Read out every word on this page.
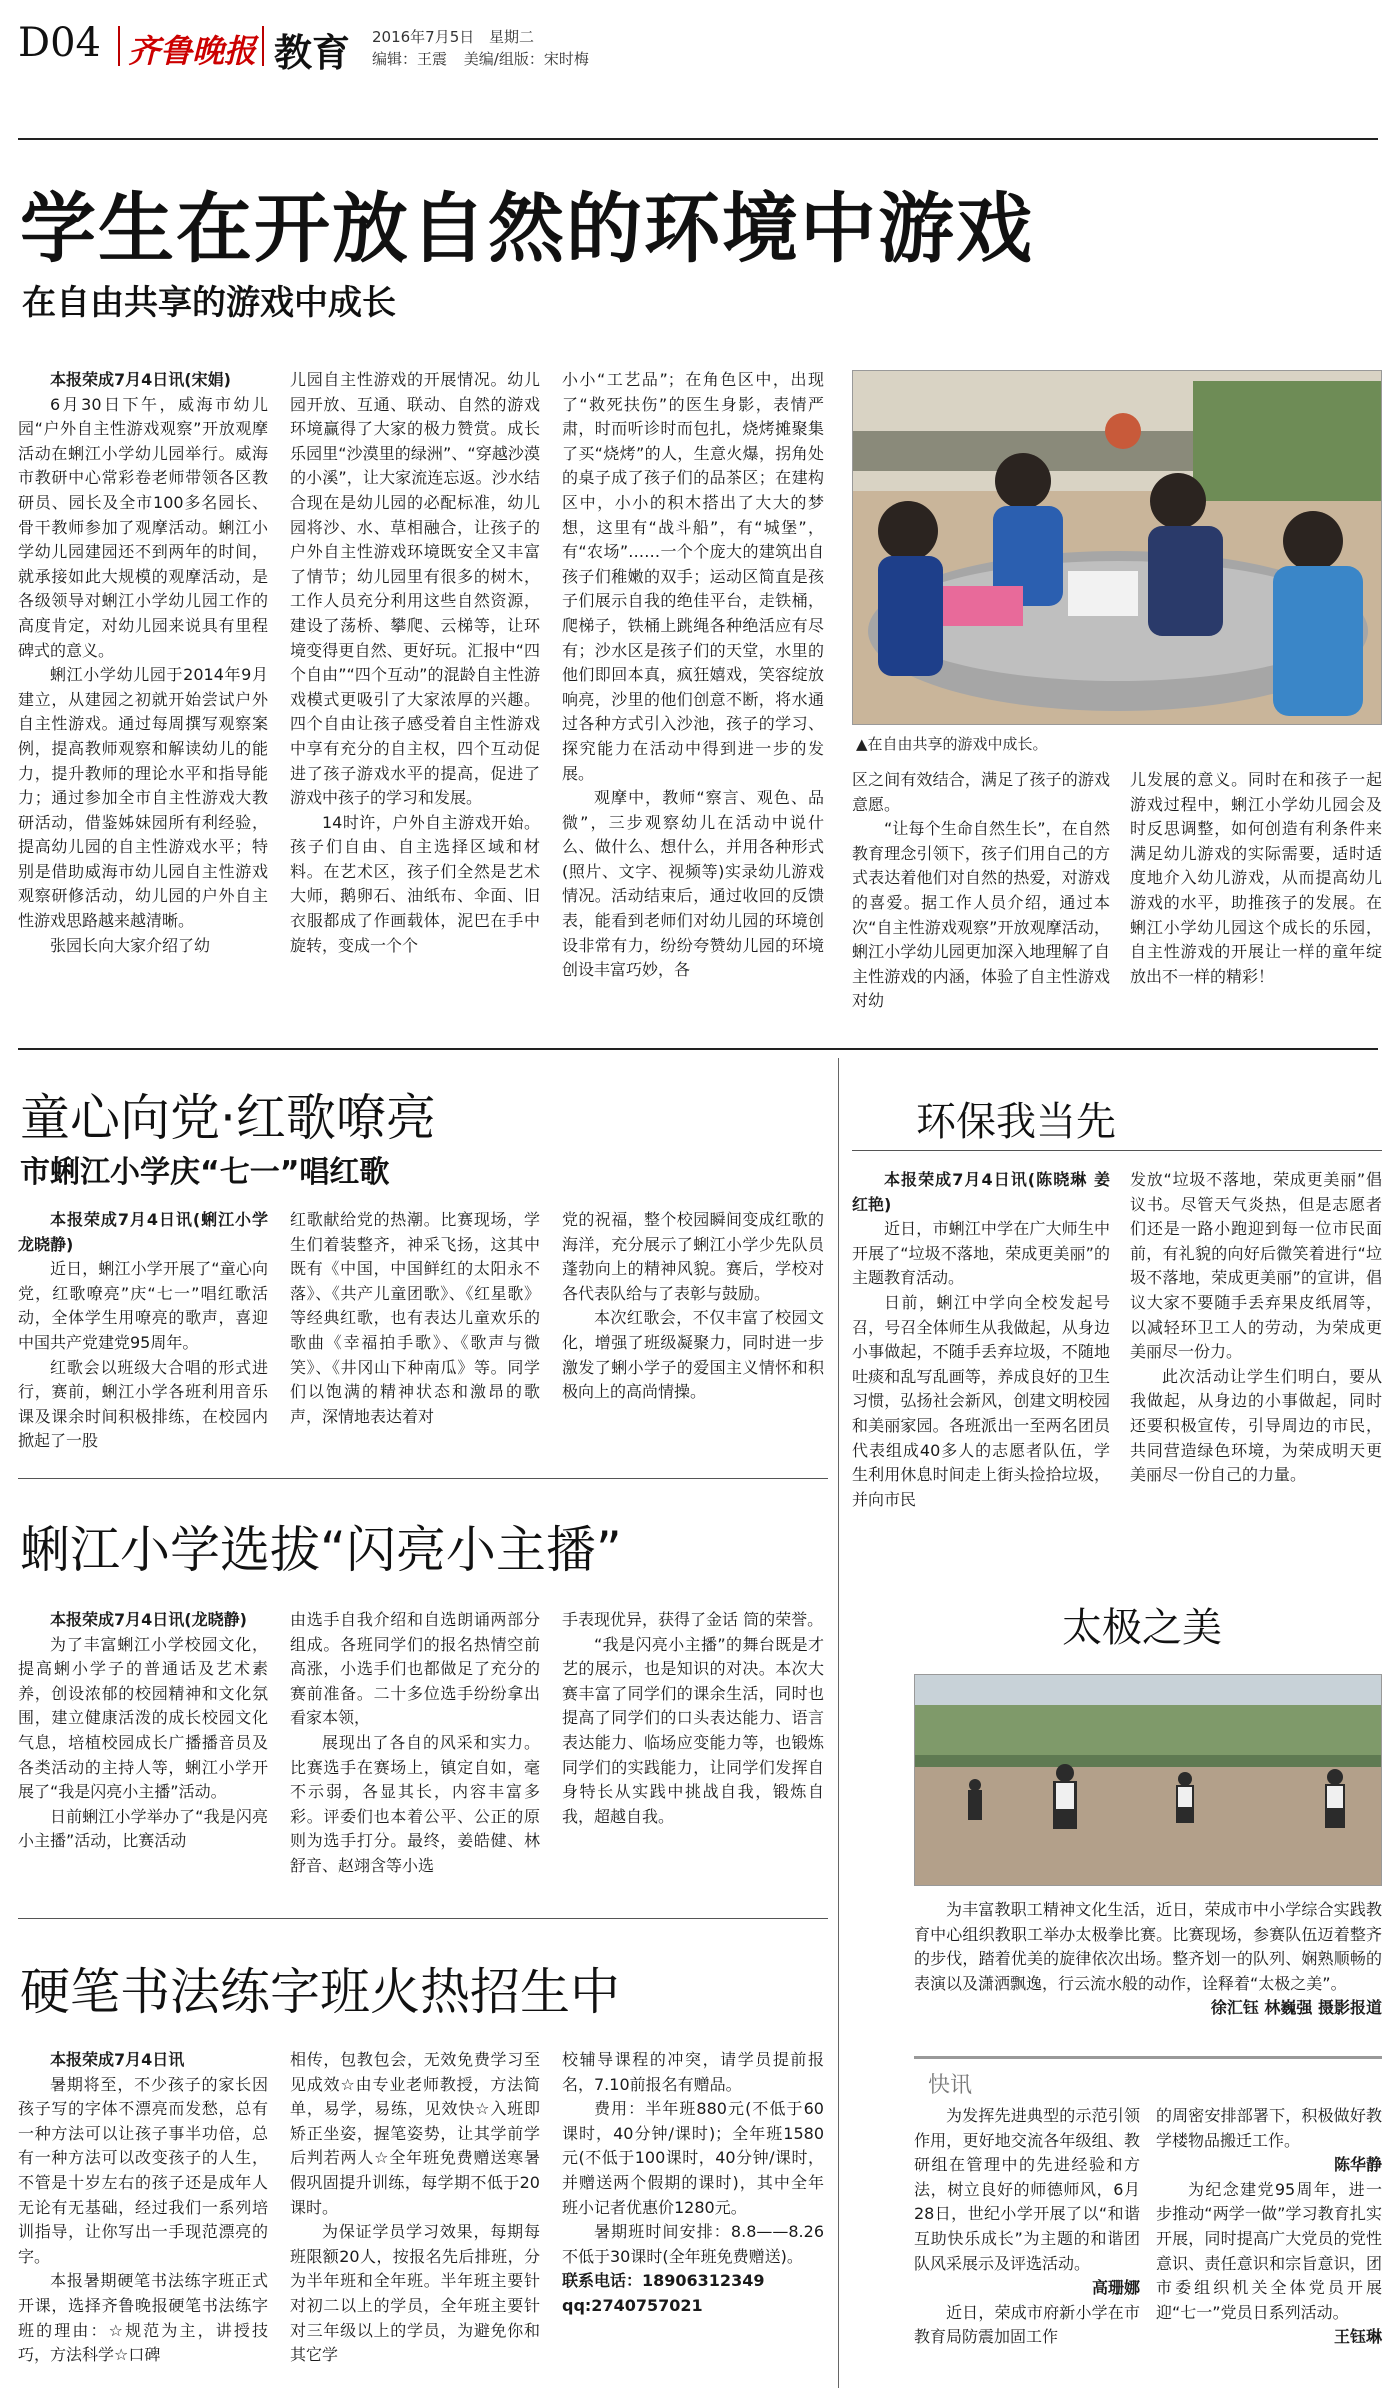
D04 齐鲁晚报 教育 2016年7月5日 星期二
编辑：王震 美编/组版：宋时梅
学生在开放自然的环境中游戏
在自由共享的游戏中成长

本报荣成7月4日讯(宋娟)

6月30日下午，威海市幼儿园“户外自主性游戏观察”开放观摩活动在蜊江小学幼儿园举行。威海市教研中心常彩卷老师带领各区教研员、园长及全市100多名园长、骨干教师参加了观摩活动。蜊江小学幼儿园建园还不到两年的时间，就承接如此大规模的观摩活动，是各级领导对蜊江小学幼儿园工作的高度肯定，对幼儿园来说具有里程碑式的意义。

蜊江小学幼儿园于2014年9月建立，从建园之初就开始尝试户外自主性游戏。通过每周撰写观察案例，提高教师观察和解读幼儿的能力，提升教师的理论水平和指导能力；通过参加全市自主性游戏大教研活动，借鉴姊妹园所有利经验，提高幼儿园的自主性游戏水平；特别是借助威海市幼儿园自主性游戏观察研修活动，幼儿园的户外自主性游戏思路越来越清晰。

张园长向大家介绍了幼

儿园自主性游戏的开展情况。幼儿园开放、互通、联动、自然的游戏环境赢得了大家的极力赞赏。成长乐园里“沙漠里的绿洲”、“穿越沙漠的小溪”，让大家流连忘返。沙水结合现在是幼儿园的必配标准，幼儿园将沙、水、草相融合，让孩子的户外自主性游戏环境既安全又丰富了情节；幼儿园里有很多的树木，工作人员充分利用这些自然资源，建设了荡桥、攀爬、云梯等，让环境变得更自然、更好玩。汇报中“四个自由”“四个互动”的混龄自主性游戏模式更吸引了大家浓厚的兴趣。四个自由让孩子感受着自主性游戏中享有充分的自主权，四个互动促进了孩子游戏水平的提高，促进了游戏中孩子的学习和发展。

14时许，户外自主游戏开始。孩子们自由、自主选择区域和材料。在艺术区，孩子们全然是艺术大师，鹅卵石、油纸布、伞面、旧衣服都成了作画载体，泥巴在手中旋转，变成一个个

小小“工艺品”；在角色区中，出现了“救死扶伤”的医生身影，表情严肃，时而听诊时而包扎，烧烤摊聚集了买“烧烤”的人，生意火爆，拐角处的桌子成了孩子们的品茶区；在建构区中，小小的积木搭出了大大的梦想，这里有“战斗船”，有“城堡”，有“农场”……一个个庞大的建筑出自孩子们稚嫩的双手；运动区简直是孩子们展示自我的绝佳平台，走铁桶，爬梯子，铁桶上跳绳各种绝活应有尽有；沙水区是孩子们的天堂，水里的他们即回本真，疯狂嬉戏，笑容绽放响亮，沙里的他们创意不断，将水通过各种方式引入沙池，孩子的学习、探究能力在活动中得到进一步的发展。

观摩中，教师“察言、观色、品微”，三步观察幼儿在活动中说什么、做什么、想什么，并用各种形式(照片、文字、视频等)实录幼儿游戏情况。活动结束后，通过收回的反馈表，能看到老师们对幼儿园的环境创设非常有力，纷纷夸赞幼儿园的环境创设丰富巧妙，各

▲在自由共享的游戏中成长。

区之间有效结合，满足了孩子的游戏意愿。

“让每个生命自然生长”，在自然教育理念引领下，孩子们用自己的方式表达着他们对自然的热爱，对游戏的喜爱。据工作人员介绍，通过本次“自主性游戏观察”开放观摩活动，蜊江小学幼儿园更加深入地理解了自主性游戏的内涵，体验了自主性游戏对幼

儿发展的意义。同时在和孩子一起游戏过程中，蜊江小学幼儿园会及时反思调整，如何创造有利条件来满足幼儿游戏的实际需要，适时适度地介入幼儿游戏，从而提高幼儿游戏的水平，助推孩子的发展。在蜊江小学幼儿园这个成长的乐园，自主性游戏的开展让一样的童年绽放出不一样的精彩！

童心向党·红歌嘹亮
市蜊江小学庆“七一”唱红歌

本报荣成7月4日讯(蜊江小学 龙晓静)

近日，蜊江小学开展了“童心向党，红歌嘹亮”庆“七一”唱红歌活动，全体学生用嘹亮的歌声，喜迎中国共产党建党95周年。

红歌会以班级大合唱的形式进行，赛前，蜊江小学各班利用音乐课及课余时间积极排练，在校园内掀起了一股

红歌献给党的热潮。比赛现场，学生们着装整齐，神采飞扬，这其中既有《中国，中国鲜红的太阳永不落》、《共产儿童团歌》、《红星歌》等经典红歌，也有表达儿童欢乐的歌曲《幸福拍手歌》、《歌声与微笑》、《井冈山下种南瓜》等。同学们以饱满的精神状态和激昂的歌声，深情地表达着对

党的祝福，整个校园瞬间变成红歌的海洋，充分展示了蜊江小学少先队员蓬勃向上的精神风貌。赛后，学校对各代表队给与了表彰与鼓励。

本次红歌会，不仅丰富了校园文化，增强了班级凝聚力，同时进一步激发了蜊小学子的爱国主义情怀和积极向上的高尚情操。

蜊江小学选拔“闪亮小主播”

本报荣成7月4日讯(龙晓静)

为了丰富蜊江小学校园文化，提高蜊小学子的普通话及艺术素养，创设浓郁的校园精神和文化氛围，建立健康活泼的成长校园文化气息，培植校园成长广播播音员及各类活动的主持人等，蜊江小学开展了“我是闪亮小主播”活动。

日前蜊江小学举办了“我是闪亮小主播”活动，比赛活动

由选手自我介绍和自选朗诵两部分组成。各班同学们的报名热情空前高涨，小选手们也都做足了充分的赛前准备。二十多位选手纷纷拿出看家本领，

展现出了各自的风采和实力。比赛选手在赛场上，镇定自如，毫不示弱，各显其长，内容丰富多彩。评委们也本着公平、公正的原则为选手打分。最终，姜皓健、林舒音、赵翊含等小选

手表现优异，获得了金话 筒的荣誉。

“我是闪亮小主播”的舞台既是才艺的展示，也是知识的对决。本次大赛丰富了同学们的课余生活，同时也提高了同学们的口头表达能力、语言表达能力、临场应变能力等，也锻炼同学们的实践能力，让同学们发挥自身特长从实践中挑战自我，锻炼自我，超越自我。

硬笔书法练字班火热招生中

本报荣成7月4日讯

暑期将至，不少孩子的家长因孩子写的字体不漂亮而发愁，总有一种方法可以让孩子事半功倍，总有一种方法可以改变孩子的人生，不管是十岁左右的孩子还是成年人无论有无基础，经过我们一系列培训指导，让你写出一手现范漂亮的字。

本报暑期硬笔书法练字班正式开课，选择齐鲁晚报硬笔书法练字班的理由：☆规范为主，讲授技巧，方法科学☆口碑

相传，包教包会，无效免费学习至见成效☆由专业老师教授，方法简单，易学，易练，见效快☆入班即矫正坐姿，握笔姿势，让其学前学后判若两人☆全年班免费赠送寒暑假巩固提升训练，每学期不低于20课时。

为保证学员学习效果，每期每班限额20人，按报名先后排班，分为半年班和全年班。半年班主要针对初二以上的学员，全年班主要针对三年级以上的学员，为避免你和其它学

校辅导课程的冲突，请学员提前报名，7.10前报名有赠品。

费用：半年班880元(不低于60课时，40分钟/课时)；全年班1580元(不低于100课时，40分钟/课时，并赠送两个假期的课时)，其中全年班小记者优惠价1280元。

暑期班时间安排：8.8——8.26不低于30课时(全年班免费赠送)。

联系电话：18906312349

qq:2740757021

环保我当先

本报荣成7月4日讯(陈晓琳 姜红艳)

近日，市蜊江中学在广大师生中开展了“垃圾不落地，荣成更美丽”的主题教育活动。

日前，蜊江中学向全校发起号召，号召全体师生从我做起，从身边小事做起，不随手丢弃垃圾，不随地吐痰和乱写乱画等，养成良好的卫生习惯，弘扬社会新风，创建文明校园和美丽家园。各班派出一至两名团员代表组成40多人的志愿者队伍，学生利用休息时间走上街头捡拾垃圾，并向市民

发放“垃圾不落地，荣成更美丽”倡议书。尽管天气炎热，但是志愿者们还是一路小跑迎到每一位市民面前，有礼貌的向好后微笑着进行“垃圾不落地，荣成更美丽”的宣讲，倡议大家不要随手丢弃果皮纸屑等，以减轻环卫工人的劳动，为荣成更美丽尽一份力。

此次活动让学生们明白，要从我做起，从身边的小事做起，同时还要积极宣传，引导周边的市民，共同营造绿色环境，为荣成明天更美丽尽一份自己的力量。

太极之美

为丰富教职工精神文化生活，近日，荣成市中小学综合实践教育中心组织教职工举办太极拳比赛。比赛现场，参赛队伍迈着整齐的步伐，踏着优美的旋律依次出场。整齐划一的队列、娴熟顺畅的表演以及潇洒飘逸，行云流水般的动作，诠释着“太极之美”。

徐汇钰 林巍强 摄影报道

快讯

为发挥先进典型的示范引领作用，更好地交流各年级组、教研组在管理中的先进经验和方法，树立良好的师德师风，6月28日，世纪小学开展了以“和谐互助快乐成长”为主题的和谐团队风采展示及评选活动。

高珊娜

近日，荣成市府新小学在市教育局防震加固工作

的周密安排部署下，积极做好教学楼物品搬迁工作。

陈华静

为纪念建党95周年，进一步推动“两学一做”学习教育扎实开展，同时提高广大党员的党性意识、责任意识和宗旨意识，团市委组织机关全体党员开展迎“七一”党员日系列活动。

王钰琳
